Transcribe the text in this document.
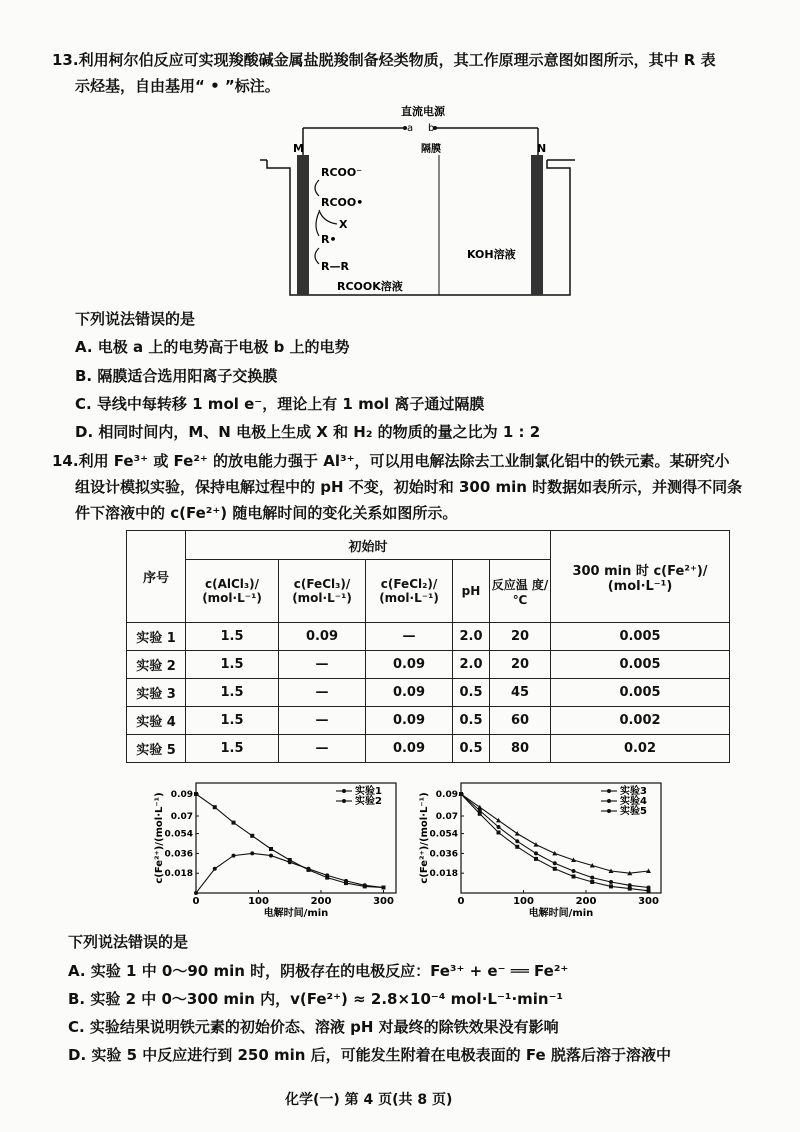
13.利用柯尔伯反应可实现羧酸碱金属盐脱羧制备烃类物质，其工作原理示意图如图所示，其中 R 表
示烃基，自由基用“ • ”标注。
直流电源
a b
M	N
隔膜
RCOO⁻
RCOO•
X
R•
R—R
RCOOK溶液
KOH溶液
下列说法错误的是
A. 电极 a 上的电势高于电极 b 上的电势
B. 隔膜适合选用阳离子交换膜
C. 导线中每转移 1 mol e⁻，理论上有 1 mol 离子通过隔膜
D. 相同时间内，M、N 电极上生成 X 和 H₂ 的物质的量之比为 1 : 2
14.利用 Fe³⁺ 或 Fe²⁺ 的放电能力强于 Al³⁺，可以用电解法除去工业制氯化铝中的铁元素。某研究小
组设计模拟实验，保持电解过程中的 pH 不变，初始时和 300 min 时数据如表所示，并测得不同条
件下溶液中的 c(Fe²⁺) 随电解时间的变化关系如图所示。
序号	初始时					300 min 时 c(Fe²⁺)/ (mol·L⁻¹)
	c(AlCl₃)/ (mol·L⁻¹)	c(FeCl₃)/ (mol·L⁻¹)	c(FeCl₂)/ (mol·L⁻¹)	pH	反应温 度/℃	
实验 1	1.5	0.09	—	2.0	20	0.005
实验 2	1.5	—	0.09	2.0	20	0.005
实验 3	1.5	—	0.09	0.5	45	0.005
实验 4	1.5	—	0.09	0.5	60	0.002
实验 5	1.5	—	0.09	0.5	80	0.02
0	100	200	300
0.018
0.036
0.054
0.07
0.09
电解时间/min
c(Fe²⁺)/(mol·L⁻¹)
实验1
实验2
0	100	200	300
0.018
0.036
0.054
0.07
0.09
电解时间/min
c(Fe²⁺)/(mol·L⁻¹)
实验3
实验4
实验5
下列说法错误的是
A. 实验 1 中 0～90 min 时，阴极存在的电极反应：Fe³⁺ + e⁻ ══ Fe²⁺
B. 实验 2 中 0～300 min 内，v(Fe²⁺) ≈ 2.8×10⁻⁴ mol·L⁻¹·min⁻¹
C. 实验结果说明铁元素的初始价态、溶液 pH 对最终的除铁效果没有影响
D. 实验 5 中反应进行到 250 min 后，可能发生附着在电极表面的 Fe 脱落后溶于溶液中
化学(一) 第 4 页(共 8 页)
